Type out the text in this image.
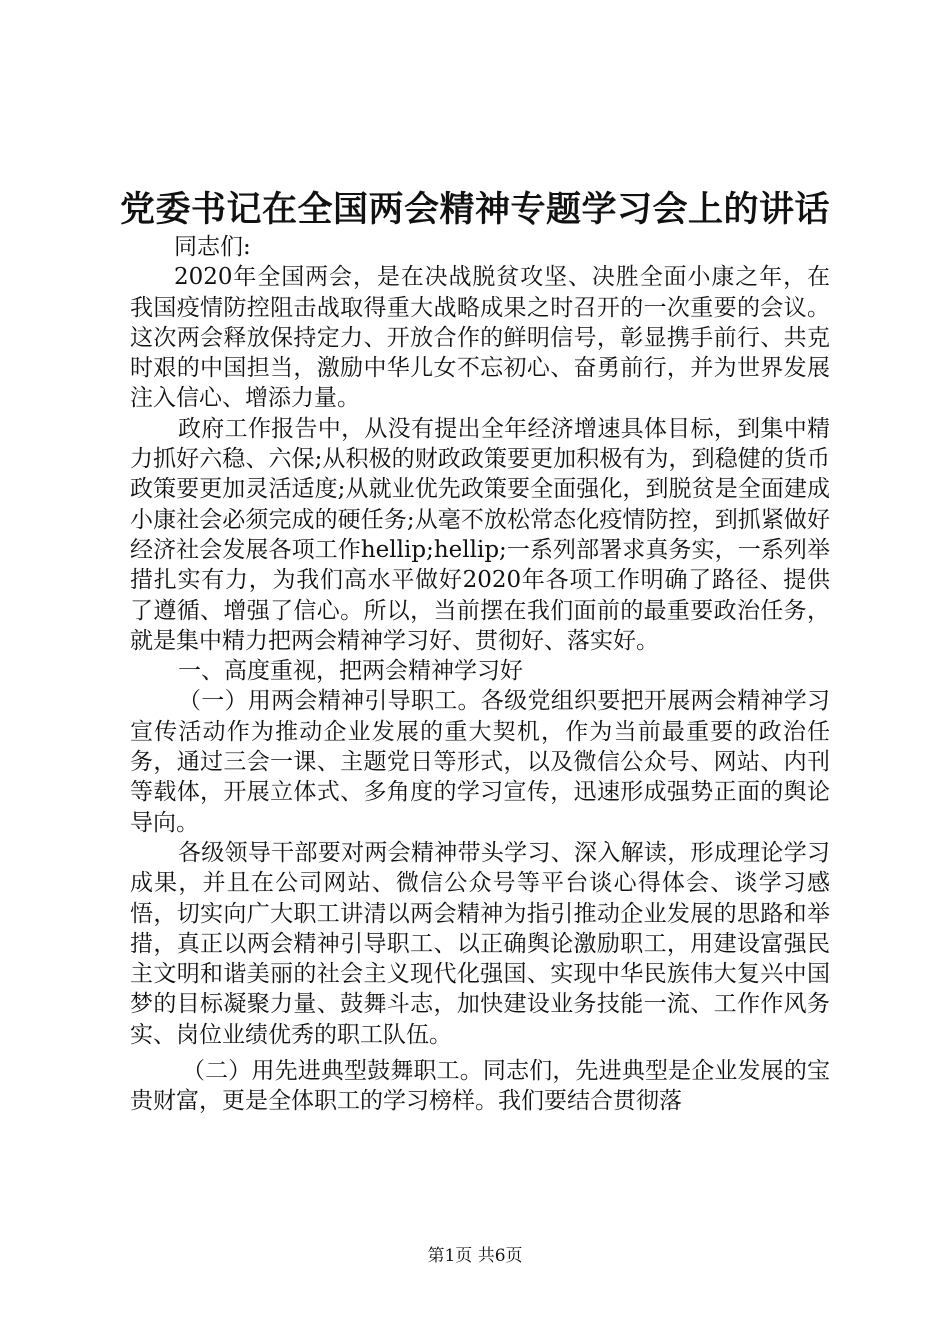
党委书记在全国两会精神专题学习会上的讲话

同志们:

2020年全国两会，是在决战脱贫攻坚、决胜全面小康之年，在我国疫情防控阻击战取得重大战略成果之时召开的一次重要的会议。这次两会释放保持定力、开放合作的鲜明信号，彰显携手前行、共克时艰的中国担当，激励中华儿女不忘初心、奋勇前行，并为世界发展注入信心、增添力量。

政府工作报告中，从没有提出全年经济增速具体目标，到集中精力抓好六稳、六保;从积极的财政政策要更加积极有为，到稳健的货币政策要更加灵活适度;从就业优先政策要全面强化，到脱贫是全面建成小康社会必须完成的硬任务;从毫不放松常态化疫情防控，到抓紧做好经济社会发展各项工作hellip;hellip;一系列部署求真务实，一系列举措扎实有力，为我们高水平做好2020年各项工作明确了路径、提供了遵循、增强了信心。所以，当前摆在我们面前的最重要政治任务，就是集中精力把两会精神学习好、贯彻好、落实好。

一、高度重视，把两会精神学习好

（一）用两会精神引导职工。各级党组织要把开展两会精神学习宣传活动作为推动企业发展的重大契机，作为当前最重要的政治任务，通过三会一课、主题党日等形式，以及微信公众号、网站、内刊等载体，开展立体式、多角度的学习宣传，迅速形成强势正面的舆论导向。

各级领导干部要对两会精神带头学习、深入解读，形成理论学习成果，并且在公司网站、微信公众号等平台谈心得体会、谈学习感悟，切实向广大职工讲清以两会精神为指引推动企业发展的思路和举措，真正以两会精神引导职工、以正确舆论激励职工，用建设富强民主文明和谐美丽的社会主义现代化强国、实现中华民族伟大复兴中国梦的目标凝聚力量、鼓舞斗志，加快建设业务技能一流、工作作风务实、岗位业绩优秀的职工队伍。

（二）用先进典型鼓舞职工。同志们，先进典型是企业发展的宝贵财富，更是全体职工的学习榜样。我们要结合贯彻落

第1页 共6页
